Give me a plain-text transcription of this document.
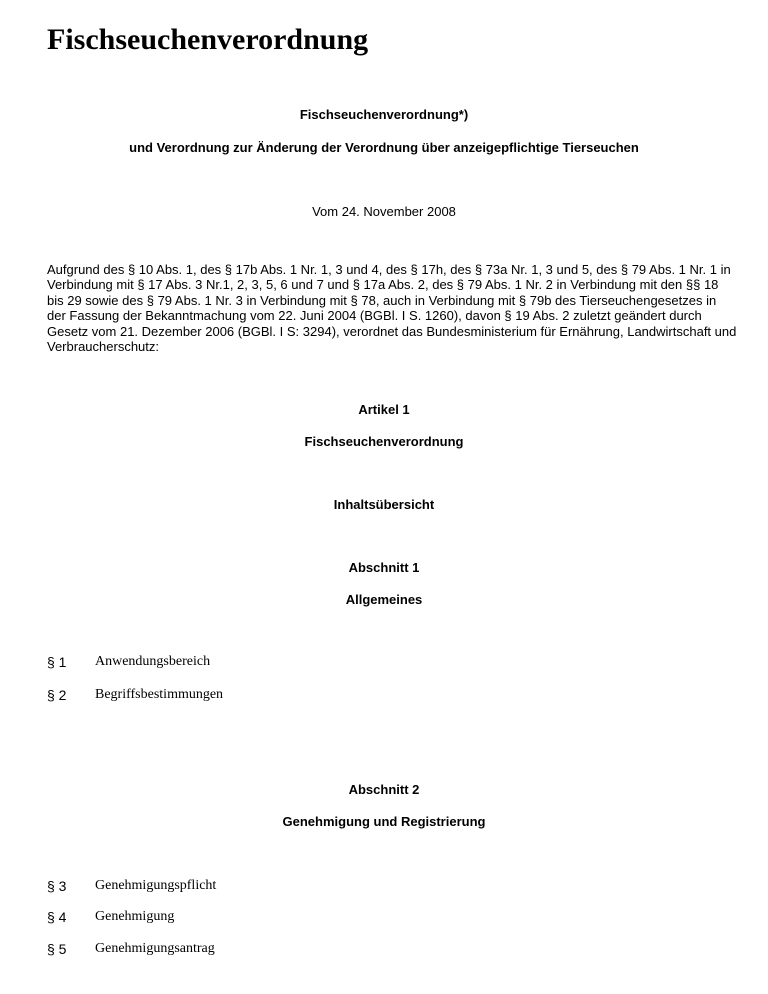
Fischseuchenverordnung

Fischseuchenverordnung*)

und Verordnung zur Änderung der Verordnung über anzeigepflichtige Tierseuchen

Vom 24. November 2008

Aufgrund des § 10 Abs. 1, des § 17b Abs. 1 Nr. 1, 3 und 4, des § 17h, des § 73a Nr. 1, 3 und 5, des § 79 Abs. 1 Nr. 1 in Verbindung mit § 17 Abs. 3 Nr.1, 2, 3, 5, 6 und 7 und § 17a Abs. 2, des § 79 Abs. 1 Nr. 2 in Verbindung mit den §§ 18 bis 29 sowie des § 79 Abs. 1 Nr. 3 in Verbindung mit § 78, auch in Verbindung mit § 79b des Tierseuchengesetzes in der Fassung der Bekanntmachung vom 22. Juni 2004 (BGBl. I S. 1260), davon § 19 Abs. 2 zuletzt geändert durch Gesetz vom 21. Dezember 2006 (BGBl. I S: 3294), verordnet das Bundesministerium für Ernährung, Landwirtschaft und Verbraucherschutz:

Artikel 1

Fischseuchenverordnung

Inhaltsübersicht

Abschnitt 1

Allgemeines

§ 1 Anwendungsbereich
§ 2 Begriffsbestimmungen

Abschnitt 2

Genehmigung und Registrierung

§ 3 Genehmigungspflicht
§ 4 Genehmigung
§ 5 Genehmigungsantrag
